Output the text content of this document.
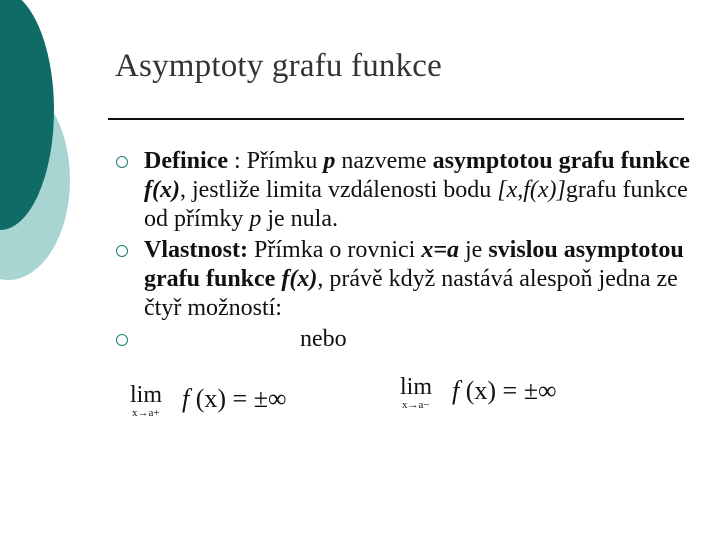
Asymptoty grafu funkce
Definice : Přímku p nazveme asymptotou grafu funkce f(x), jestliže limita vzdálenosti bodu [x,f(x)]grafu funkce od přímky p je nula.
Vlastnost: Přímka o rovnici x=a je svislou asymptotou grafu funkce f(x), právě když nastává alespoň jedna ze čtyř možností:
nebo
lim
x→a+ f (x) = ±∞	lim
x→a− f (x) = ±∞
